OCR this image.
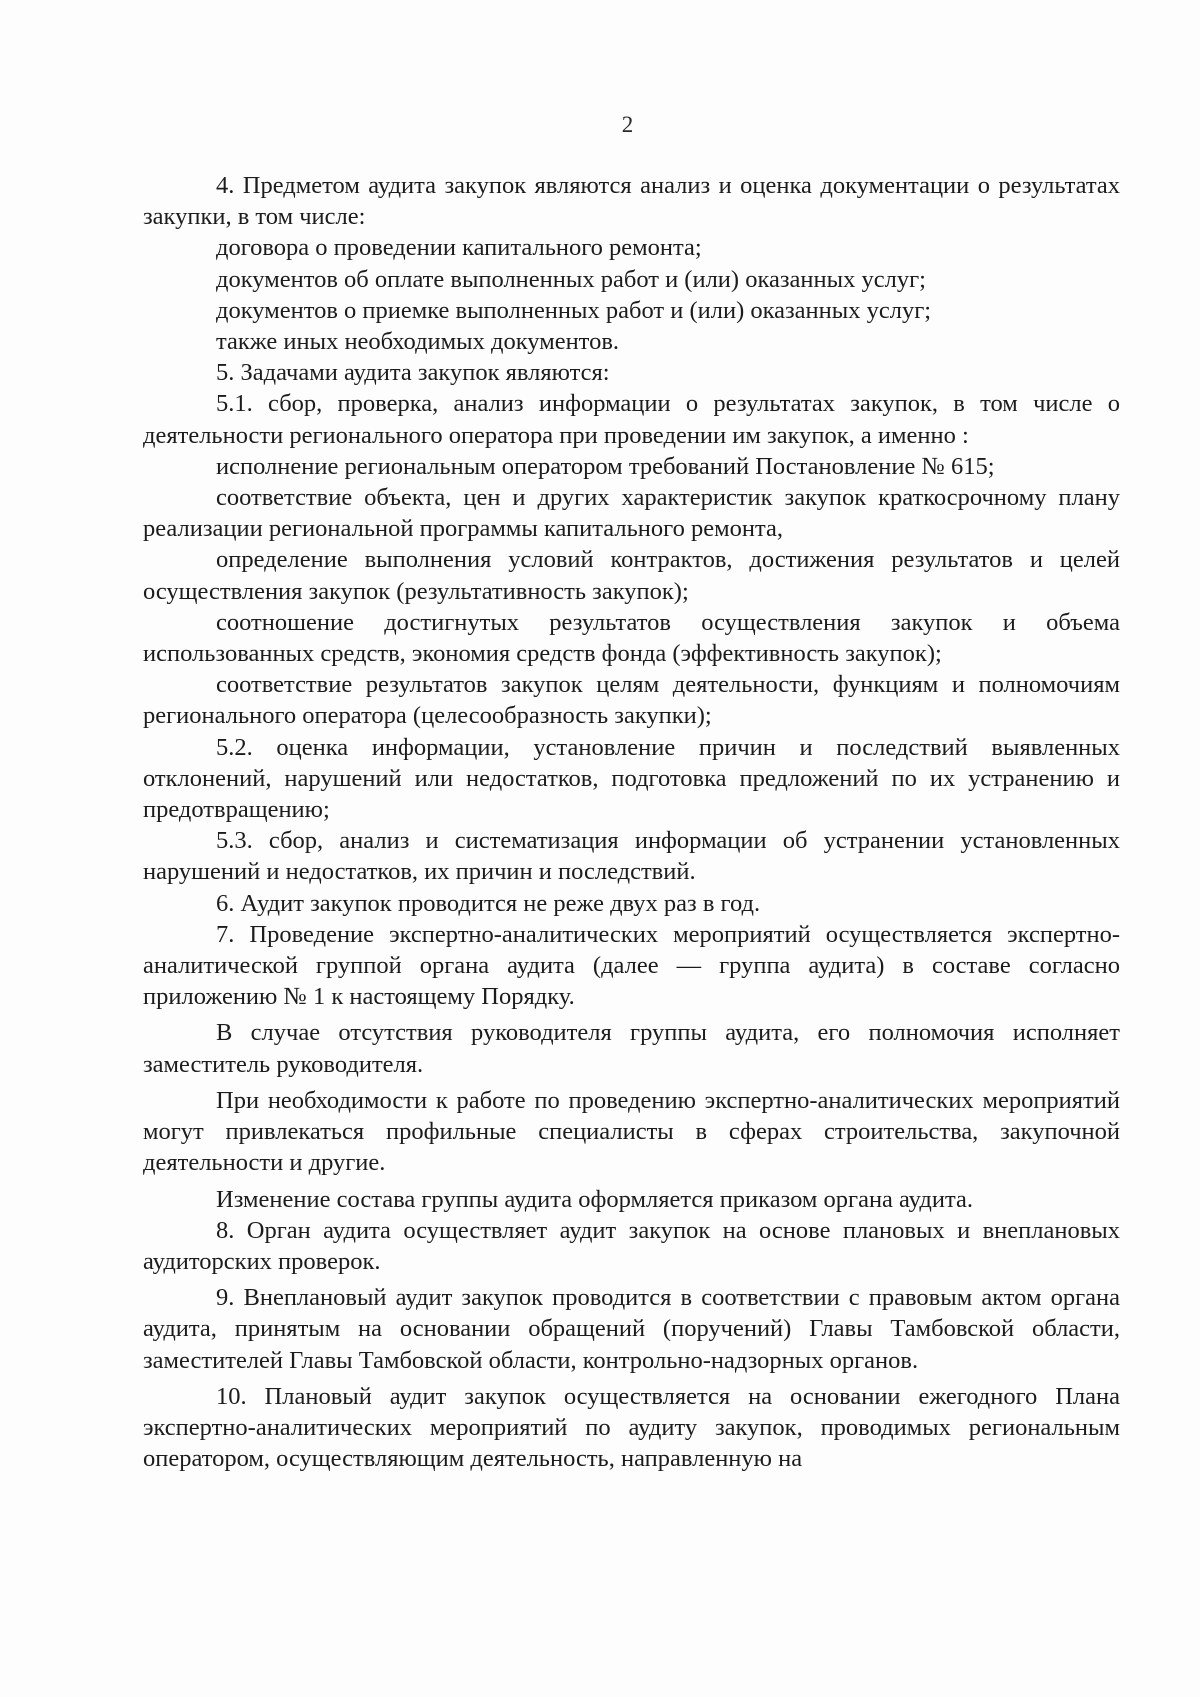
2

4. Предметом аудита закупок являются анализ и оценка документации о результатах закупки, в том числе:

договора о проведении капитального ремонта;

документов об оплате выполненных работ и (или) оказанных услуг;

документов о приемке выполненных работ и (или) оказанных услуг;

также иных необходимых документов.

5. Задачами аудита закупок являются:

5.1. сбор, проверка, анализ информации о результатах закупок, в том числе о деятельности регионального оператора при проведении им закупок, а именно :

исполнение региональным оператором требований Постановление № 615;

соответствие объекта, цен и других характеристик закупок краткосрочному плану реализации региональной программы капитального ремонта,

определение выполнения условий контрактов, достижения результатов и целей осуществления закупок (результативность закупок);

соотношение достигнутых результатов осуществления закупок и объема использованных средств, экономия средств фонда (эффективность закупок);

соответствие результатов закупок целям деятельности, функциям и полномочиям регионального оператора (целесообразность закупки);

5.2. оценка информации, установление причин и последствий выявленных отклонений, нарушений или недостатков, подготовка предложений по их устранению и предотвращению;

5.3. сбор, анализ и систематизация информации об устранении установленных нарушений и недостатков, их причин и последствий.

6. Аудит закупок проводится не реже двух раз в год.

7. Проведение экспертно-аналитических мероприятий осуществляется экспертно-аналитической группой органа аудита (далее — группа аудита) в составе согласно приложению № 1 к настоящему Порядку.

В случае отсутствия руководителя группы аудита, его полномочия исполняет заместитель руководителя.

При необходимости к работе по проведению экспертно-аналитических мероприятий могут привлекаться профильные специалисты в сферах строительства, закупочной деятельности и другие.

Изменение состава группы аудита оформляется приказом органа аудита.

8. Орган аудита осуществляет аудит закупок на основе плановых и внеплановых аудиторских проверок.

9. Внеплановый аудит закупок проводится в соответствии с правовым актом органа аудита, принятым на основании обращений (поручений) Главы Тамбовской области, заместителей Главы Тамбовской области, контрольно-надзорных органов.

10. Плановый аудит закупок осуществляется на основании ежегодного Плана экспертно-аналитических мероприятий по аудиту закупок, проводимых региональным оператором, осуществляющим деятельность, направленную на
